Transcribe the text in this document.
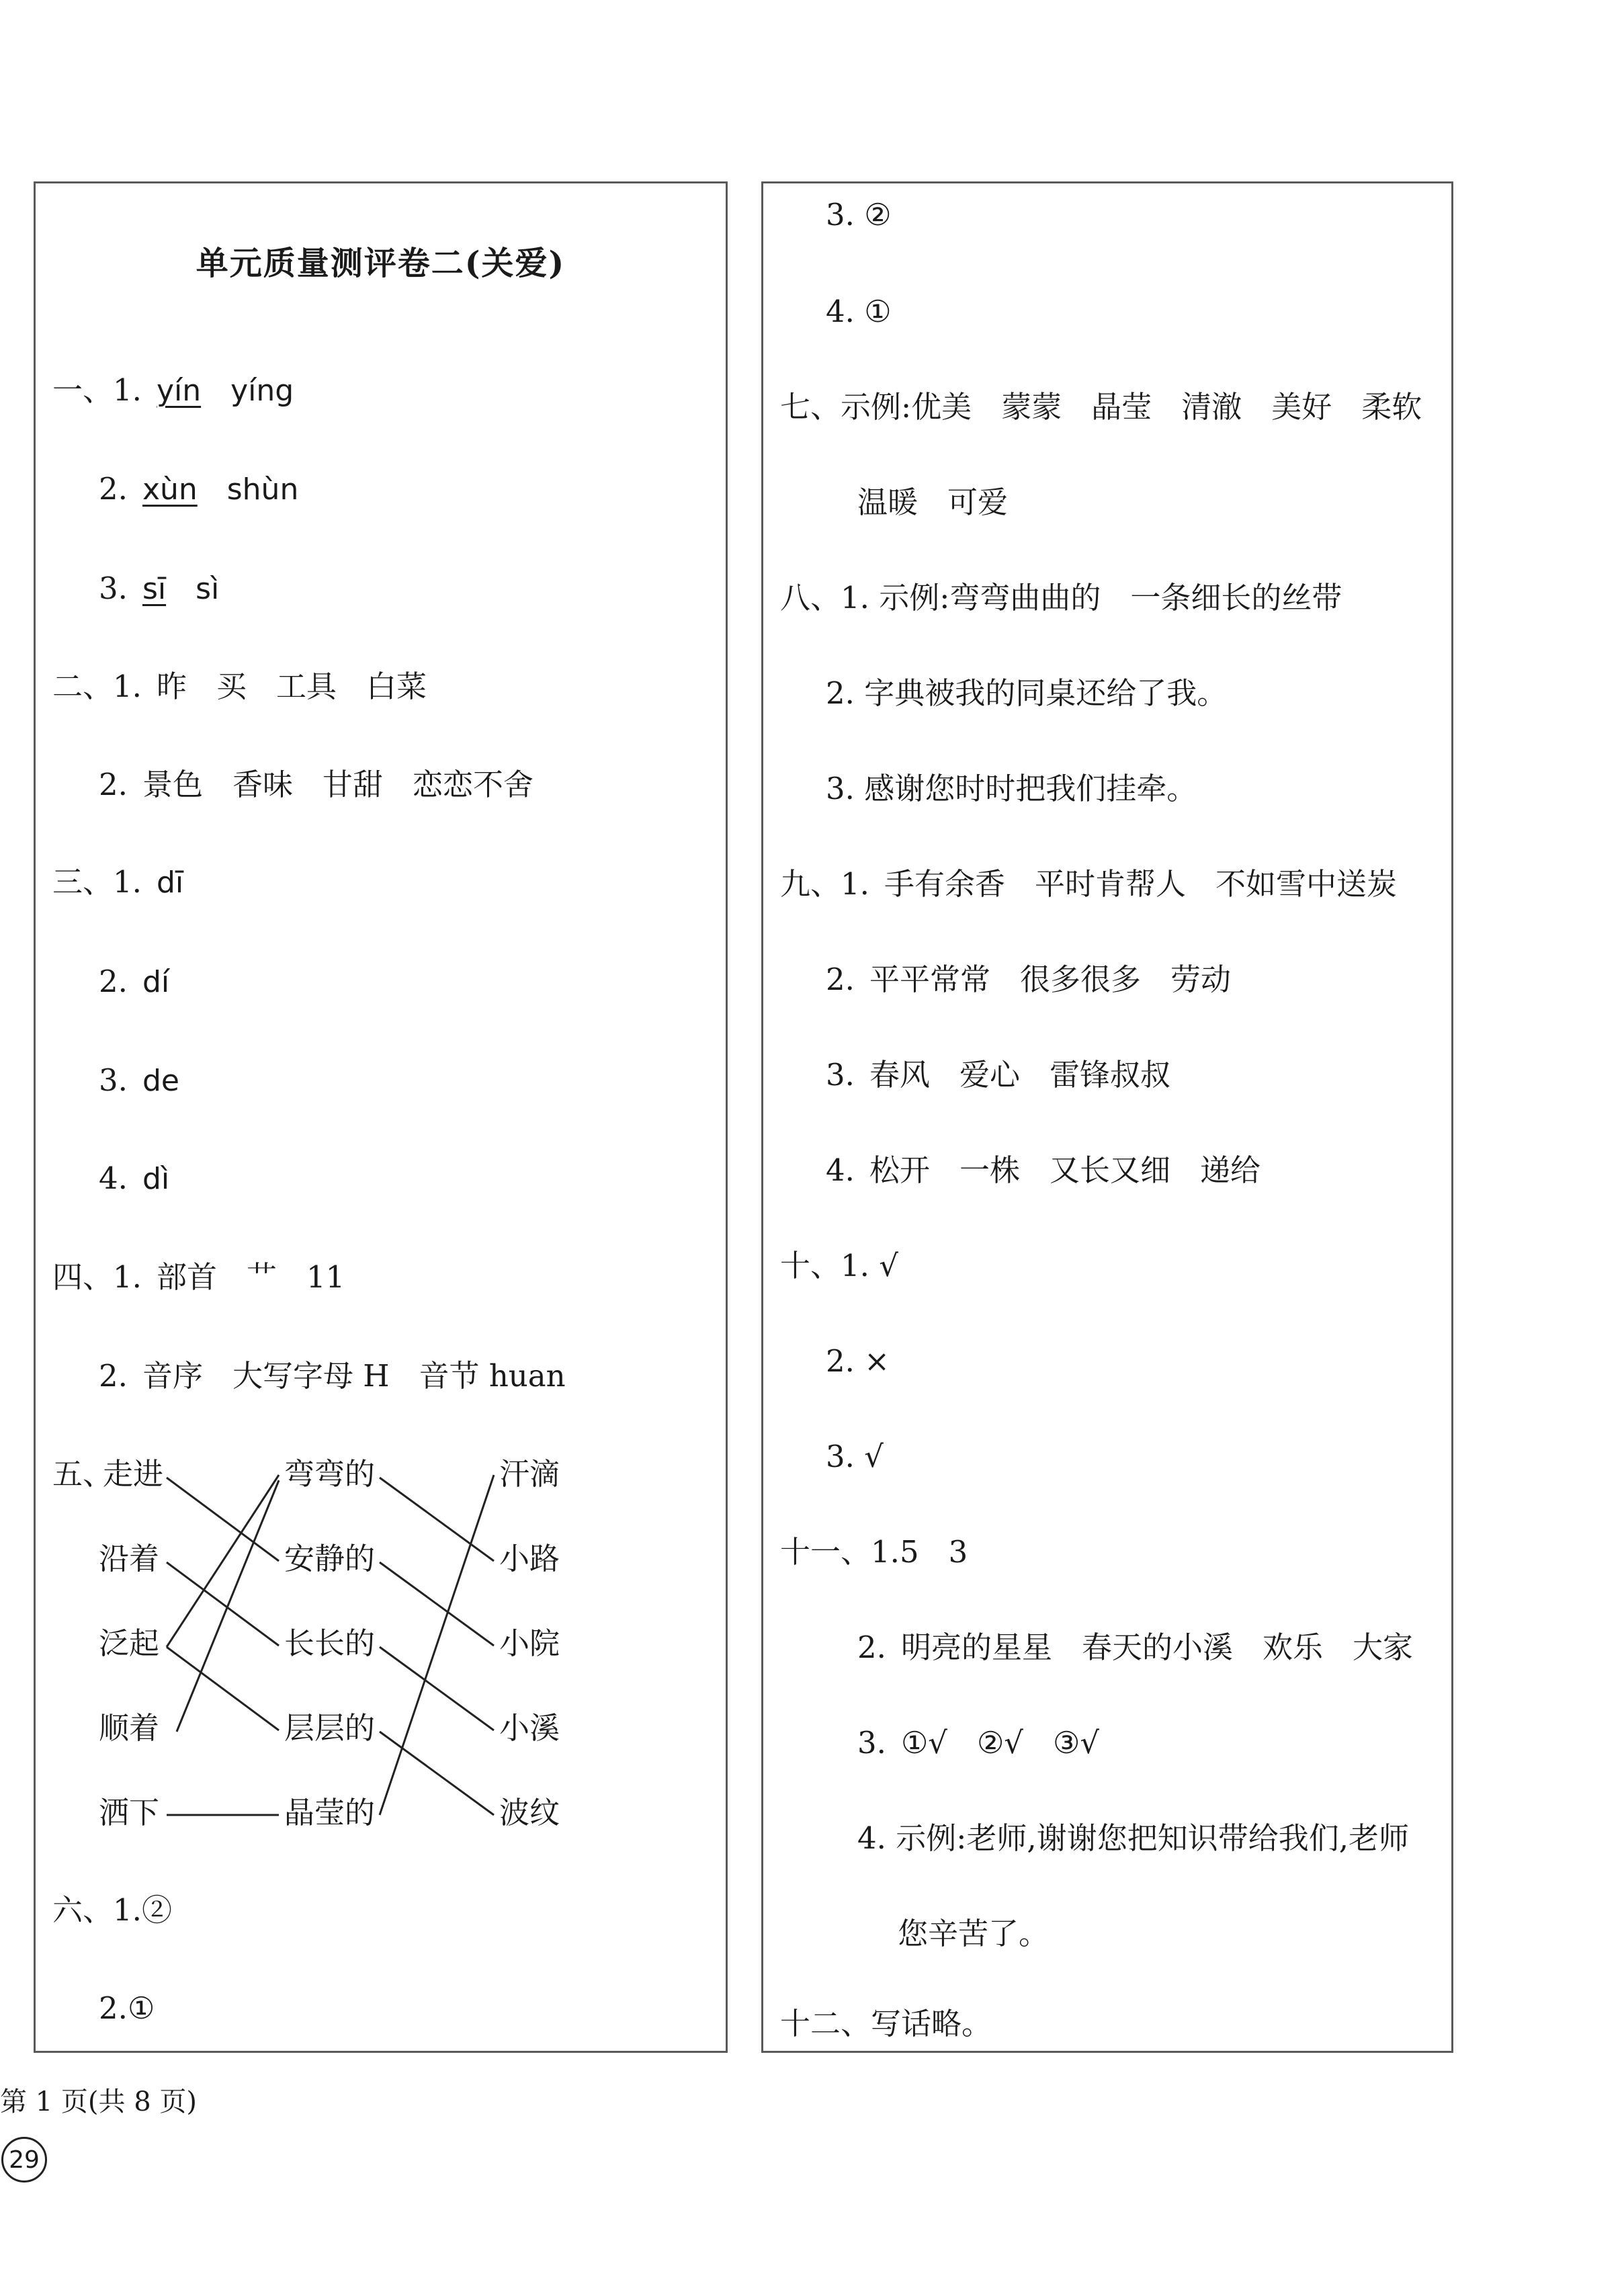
单元质量测评卷二(关爱)
一、1. yín yíng
2. xùn shùn
3. sī sì
二、1. 昨 买 工具 白菜
2. 景色 香味 甘甜 恋恋不舍
三、1. dī
2. dí
3. de
4. dì
四、1. 部首 艹 11
2. 音序 大写字母 H 音节 huan
五、
走进
沿着
泛起
顺着
洒下
弯弯的
安静的
长长的
层层的
晶莹的
汗滴
小路
小院
小溪
波纹
六、1.②
2.①
3. ②
4. ①
七、示例:优美 蒙蒙 晶莹 清澈 美好 柔软
温暖 可爱
八、1. 示例:弯弯曲曲的 一条细长的丝带
2. 字典被我的同桌还给了我。
3. 感谢您时时把我们挂牵。
九、1. 手有余香 平时肯帮人 不如雪中送炭
2. 平平常常 很多很多 劳动
3. 春风 爱心 雷锋叔叔
4. 松开 一株 又长又细 递给
十、1. √
2. ×
3. √
十一、1.5 3
2. 明亮的星星 春天的小溪 欢乐 大家
3. ①√ ②√ ③√
4. 示例:老师,谢谢您把知识带给我们,老师
您辛苦了。
十二、写话略。
第 1 页(共 8 页)
29
